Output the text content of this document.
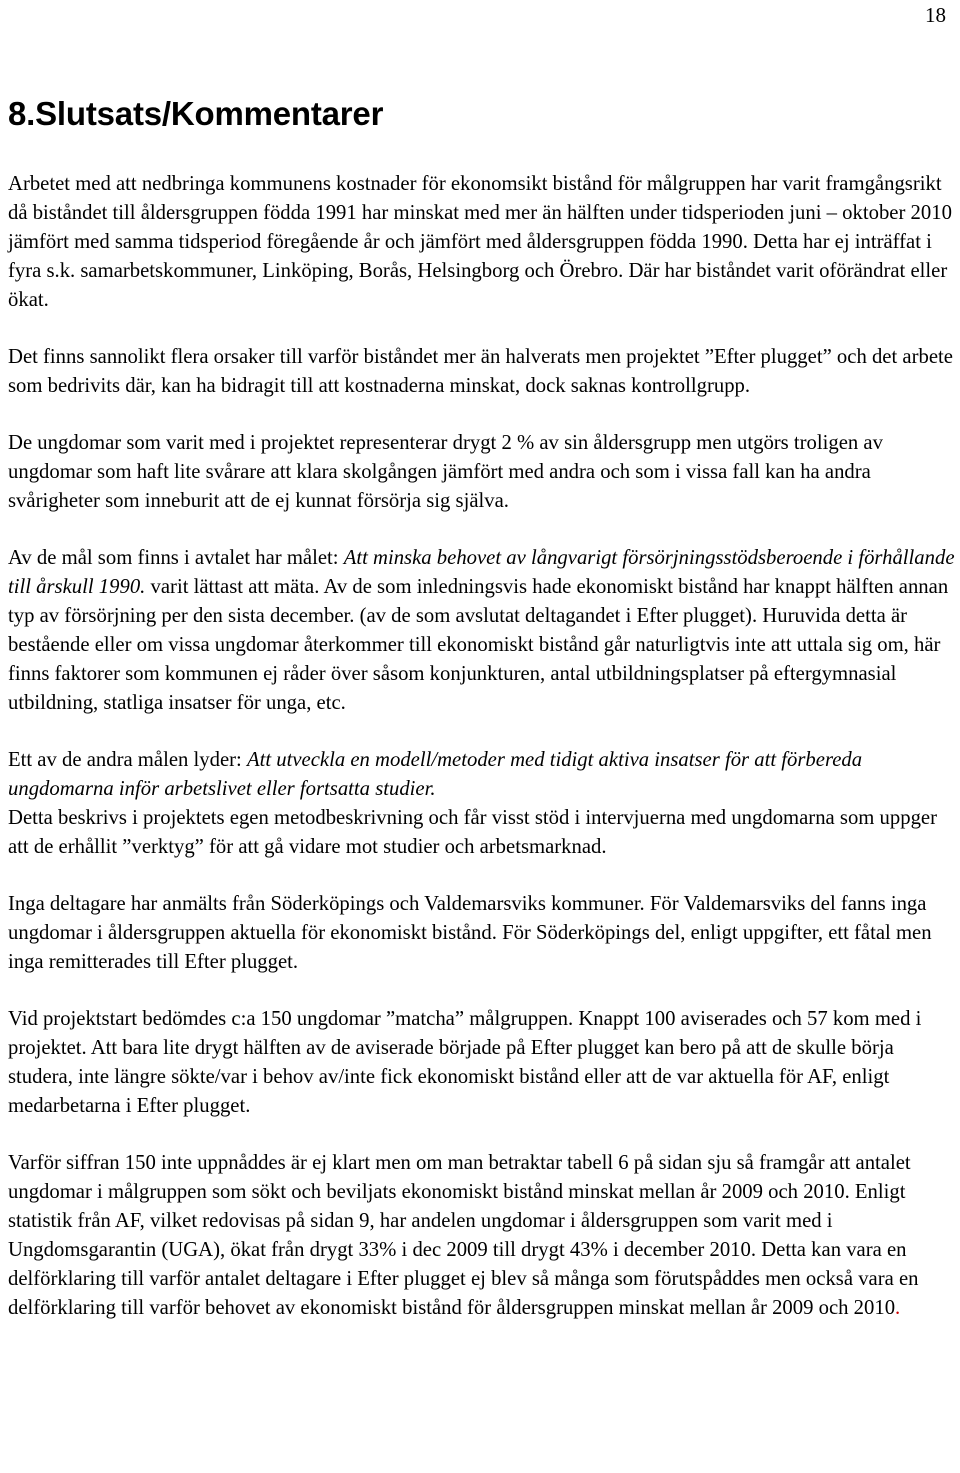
18
8.Slutsats/Kommentarer

Arbetet med att nedbringa kommunens kostnader för ekonomsikt bistånd för målgruppen har varit framgångsrikt då biståndet till åldersgruppen födda 1991 har minskat med mer än hälften under tidsperioden juni – oktober 2010 jämfört med samma tidsperiod föregående år och jämfört med åldersgruppen födda 1990. Detta har ej inträffat i fyra s.k. samarbetskommuner, Linköping, Borås, Helsingborg och Örebro. Där har biståndet varit oförändrat eller ökat.

Det finns sannolikt flera orsaker till varför biståndet mer än halverats men projektet ”Efter plugget” och det arbete som bedrivits där, kan ha bidragit till att kostnaderna minskat, dock saknas kontrollgrupp.

De ungdomar som varit med i projektet representerar drygt 2 % av sin åldersgrupp men utgörs troligen av ungdomar som haft lite svårare att klara skolgången jämfört med andra och som i vissa fall kan ha andra svårigheter som inneburit att de ej kunnat försörja sig själva.

Av de mål som finns i avtalet har målet: Att minska behovet av långvarigt försörjningsstödsberoende i förhållande till årskull 1990. varit lättast att mäta. Av de som inledningsvis hade ekonomiskt bistånd har knappt hälften annan typ av försörjning per den sista december. (av de som avslutat deltagandet i Efter plugget). Huruvida detta är bestående eller om vissa ungdomar återkommer till ekonomiskt bistånd går naturligtvis inte att uttala sig om, här finns faktorer som kommunen ej råder över såsom konjunkturen, antal utbildningsplatser på eftergymnasial utbildning, statliga insatser för unga, etc.

Ett av de andra målen lyder: Att utveckla en modell/metoder med tidigt aktiva insatser för att förbereda ungdomarna inför arbetslivet eller fortsatta studier.

Detta beskrivs i projektets egen metodbeskrivning och får visst stöd i intervjuerna med ungdomarna som uppger att de erhållit ”verktyg” för att gå vidare mot studier och arbetsmarknad.

Inga deltagare har anmälts från Söderköpings och Valdemarsviks kommuner. För Valdemarsviks del fanns inga ungdomar i åldersgruppen aktuella för ekonomiskt bistånd. För Söderköpings del, enligt uppgifter, ett fåtal men inga remitterades till Efter plugget.

Vid projektstart bedömdes c:a 150 ungdomar ”matcha” målgruppen. Knappt 100 aviserades och 57 kom med i projektet. Att bara lite drygt hälften av de aviserade började på Efter plugget kan bero på att de skulle börja studera, inte längre sökte/var i behov av/inte fick ekonomiskt bistånd eller att de var aktuella för AF, enligt medarbetarna i Efter plugget.

Varför siffran 150 inte uppnåddes är ej klart men om man betraktar tabell 6 på sidan sju så framgår att antalet ungdomar i målgruppen som sökt och beviljats ekonomiskt bistånd minskat mellan år 2009 och 2010. Enligt statistik från AF, vilket redovisas på sidan 9, har andelen ungdomar i åldersgruppen som varit med i Ungdomsgarantin (UGA), ökat från drygt 33% i dec 2009 till drygt 43% i december 2010. Detta kan vara en delförklaring till varför antalet deltagare i Efter plugget ej blev så många som förutspåddes men också vara en delförklaring till varför behovet av ekonomiskt bistånd för åldersgruppen minskat mellan år 2009 och 2010.
